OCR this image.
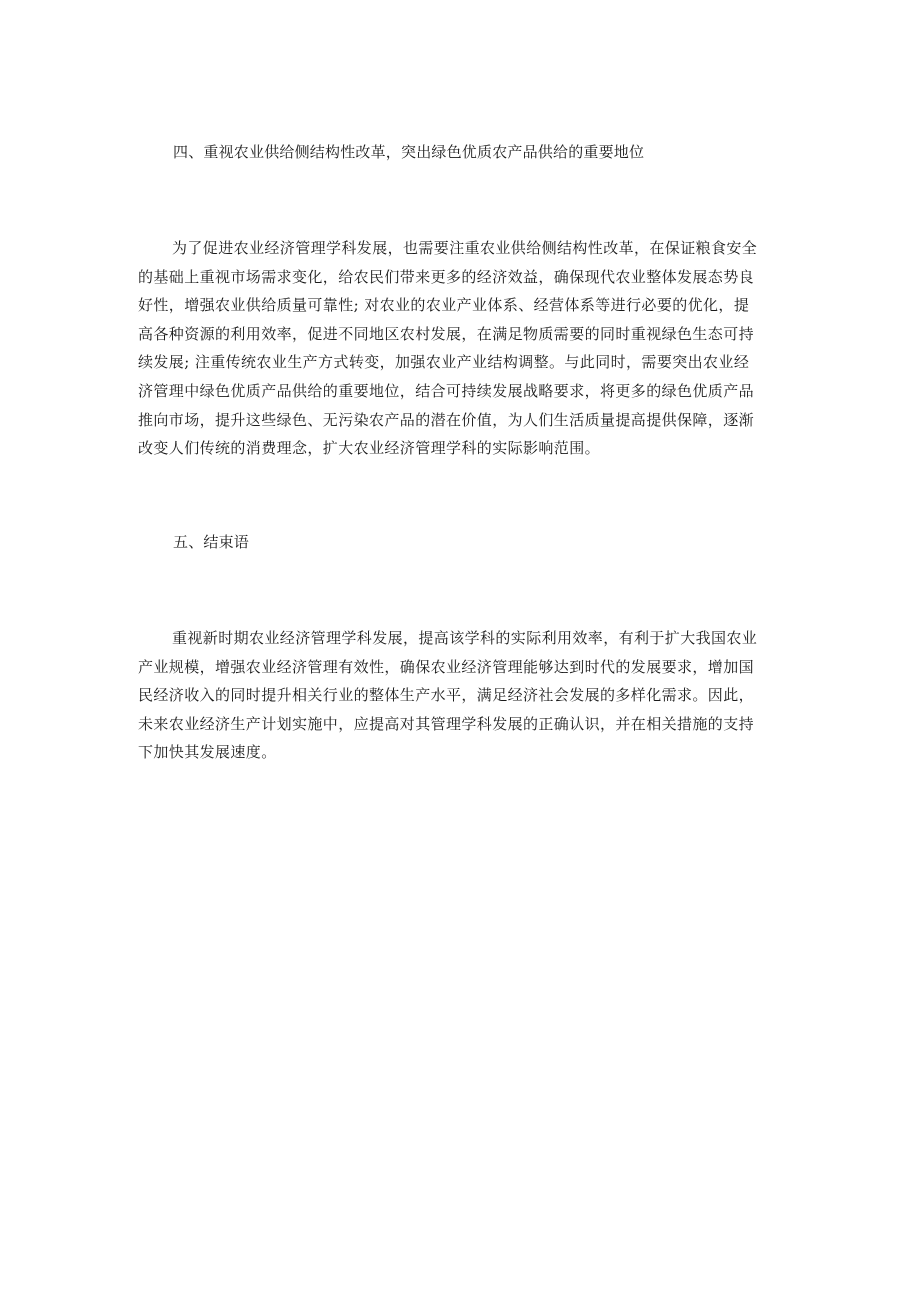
四、重视农业供给侧结构性改革，突出绿色优质农产品供给的重要地位
为了促进农业经济管理学科发展，也需要注重农业供给侧结构性改革，在保证粮食安全
的基础上重视市场需求变化，给农民们带来更多的经济效益，确保现代农业整体发展态势良
好性，增强农业供给质量可靠性; 对农业的农业产业体系、经营体系等进行必要的优化，提
高各种资源的利用效率，促进不同地区农村发展，在满足物质需要的同时重视绿色生态可持
续发展; 注重传统农业生产方式转变，加强农业产业结构调整。与此同时，需要突出农业经
济管理中绿色优质产品供给的重要地位，结合可持续发展战略要求，将更多的绿色优质产品
推向市场，提升这些绿色、无污染农产品的潜在价值，为人们生活质量提高提供保障，逐渐
改变人们传统的消费理念，扩大农业经济管理学科的实际影响范围。
五、结束语
重视新时期农业经济管理学科发展，提高该学科的实际利用效率，有利于扩大我国农业
产业规模，增强农业经济管理有效性，确保农业经济管理能够达到时代的发展要求，增加国
民经济收入的同时提升相关行业的整体生产水平，满足经济社会发展的多样化需求。因此，
未来农业经济生产计划实施中，应提高对其管理学科发展的正确认识，并在相关措施的支持
下加快其发展速度。
